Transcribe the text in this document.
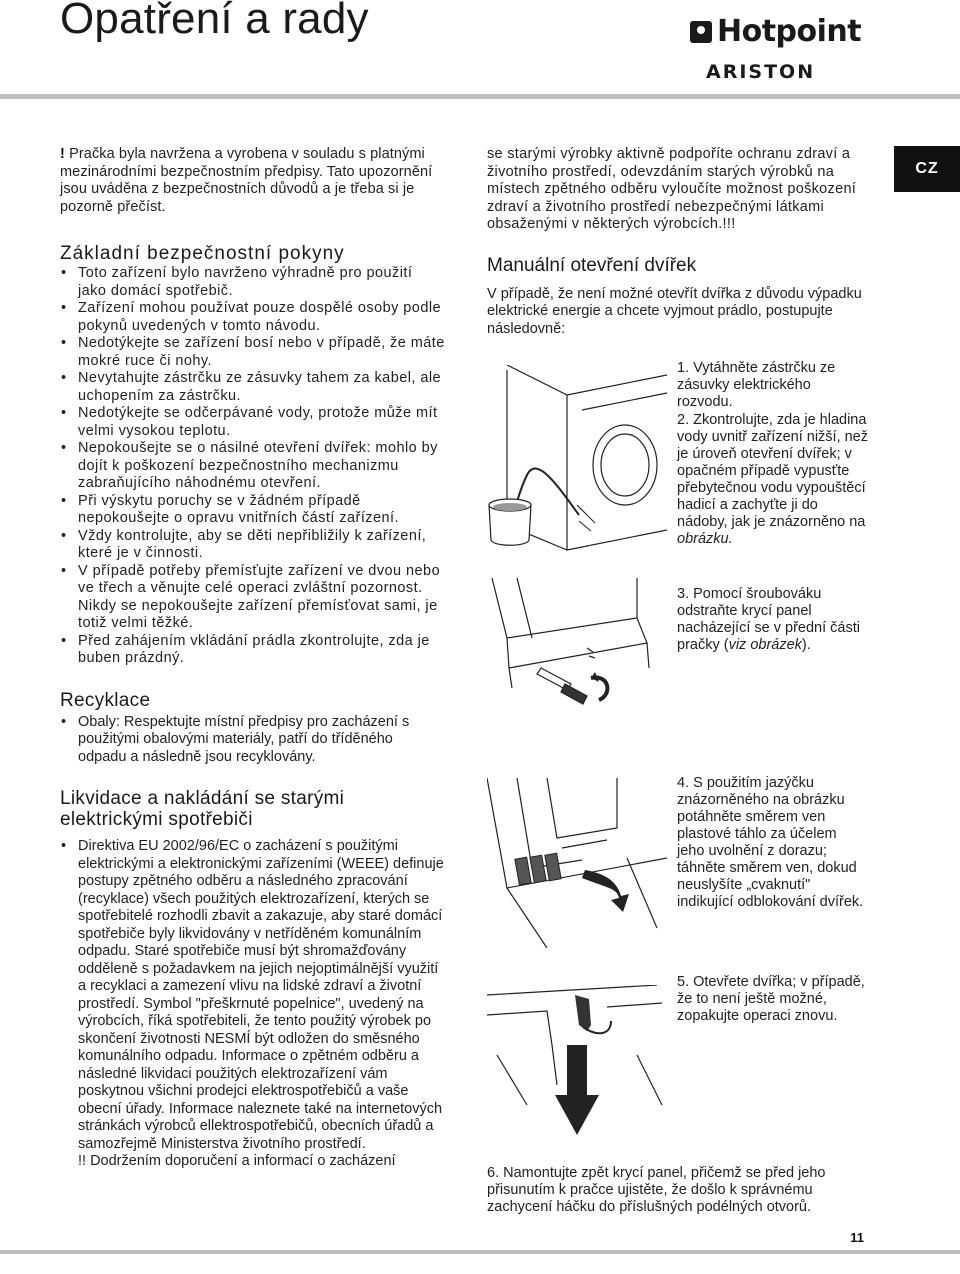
Opatření a rady	Hotpoint
ARISTON
CZ

! Pračka byla navržena a vyrobena v souladu s platnými mezinárodními bezpečnostním předpisy. Tato upozornění jsou uváděna z bezpečnostních důvodů a je třeba si je pozorně přečíst.

Základní bezpečnostní pokyny
• Toto zařízení bylo navrženo výhradně pro použití jako domácí spotřebič.
• Zařízení mohou používat pouze dospělé osoby podle pokynů uvedených v tomto návodu.
• Nedotýkejte se zařízení bosí nebo v případě, že máte mokré ruce či nohy.
• Nevytahujte zástrčku ze zásuvky tahem za kabel, ale uchopením za zástrčku.
• Nedotýkejte se odčerpávané vody, protože může mít velmi vysokou teplotu.
• Nepokoušejte se o násilné otevření dvířek: mohlo by dojít k poškození bezpečnostního mechanizmu zabraňujícího náhodnému otevření.
• Při výskytu poruchy se v žádném případě nepokoušejte o opravu vnitřních částí zařízení.
• Vždy kontrolujte, aby se děti nepřibližily k zařízení, které je v činnosti.
• V případě potřeby přemísťujte zařízení ve dvou nebo ve třech a věnujte celé operaci zvláštní pozornost. Nikdy se nepokoušejte zařízení přemísťovat sami, je totiž velmi těžké.
• Před zahájením vkládání prádla zkontrolujte, zda je buben prázdný.
Recyklace
• Obaly: Respektujte místní předpisy pro zacházení s použitými obalovými materiály, patří do tříděného odpadu a následně jsou recyklovány.
Likvidace a nakládání se starými elektrickými spotřebiči
• Direktiva EU 2002/96/EC o zacházení s použitými elektrickými a elektronickými zařízeními (WEEE) definuje postupy zpětného odběru a následného zpracování (recyklace) všech použitých elektrozařízení, kterých se spotřebitelé rozhodli zbavit a zakazuje, aby staré domácí spotřebiče byly likvidovány v netříděném komunálním odpadu. Staré spotřebiče musí být shromažďovány odděleně s požadavkem na jejich nejoptimálnější využití a recyklaci a zamezení vlivu na lidské zdraví a životní prostředí. Symbol "přeškrnuté popelnice", uvedený na výrobcích, říká spotřebiteli, že tento použitý výrobek po skončení životnosti NESMÍ být odložen do směsného komunálního odpadu. Informace o zpětném odběru a následné likvidaci použitých elektrozařízení vám poskytnou všichni prodejci elektrospotřebičů a vaše obecní úřady. Informace naleznete také na internetových stránkách výrobců ellektrospotřebičů, obecních úřadů a samozřejmě Ministerstva životního prostředí.

!! Dodržením doporučení a informací o zacházení

se starými výrobky aktivně podpoříte ochranu zdraví a životního prostředí, odevzdáním starých výrobků na místech zpětného odběru vyloučíte možnost poškození zdraví a životního prostředí nebezpečnými látkami obsaženými v některých výrobcích.!!!

Manuální otevření dvířek

V případě, že není možné otevřít dvířka z důvodu výpadku elektrické energie a chcete vyjmout prádlo, postupujte následovně:

1. Vytáhněte zástrčku ze zásuvky elektrického rozvodu.
2. Zkontrolujte, zda je hladina vody uvnitř zařízení nižší, než je úroveň otevření dvířek; v opačném případě vypusťte přebytečnou vodu vypouštěcí hadicí a zachyťte ji do nádoby, jak je znázorněno na obrázku.
3. Pomocí šroubováku odstraňte krycí panel nacházející se v přední části pračky (viz obrázek).
4. S použitím jazýčku znázorněného na obrázku potáhněte směrem ven plastové táhlo za účelem jeho uvolnění z dorazu; táhněte směrem ven, dokud neuslyšíte „cvaknutí" indikující odblokování dvířek.
5. Otevřete dvířka; v případě, že to není ještě možné, zopakujte operaci znovu.
6. Namontujte zpět krycí panel, přičemž se před jeho přisunutím k pračce ujistěte, že došlo k správnému zachycení háčku do příslušných podélných otvorů.
11
